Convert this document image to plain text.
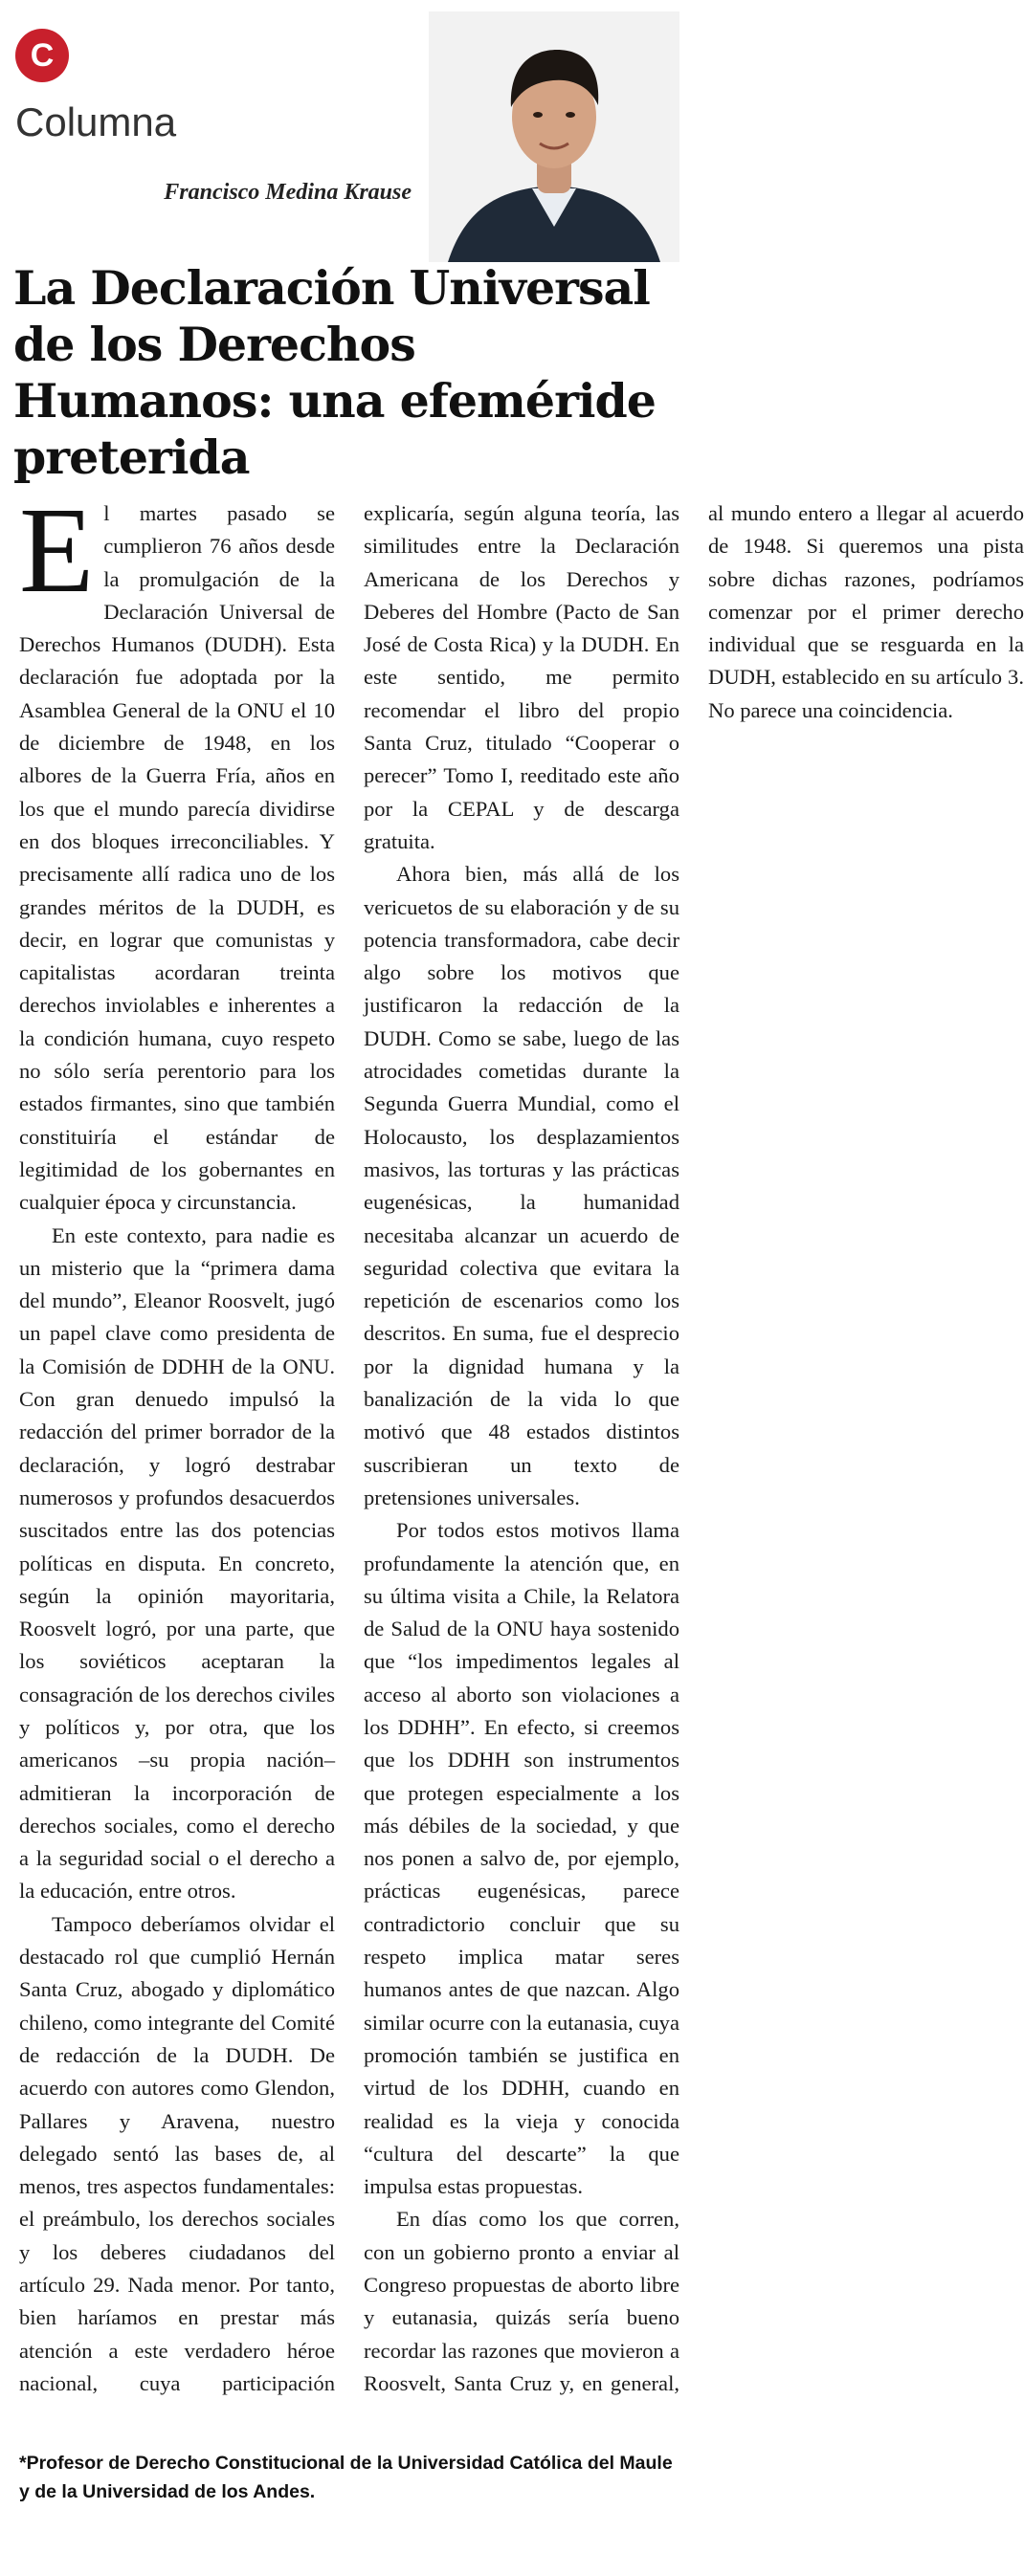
C
Columna
Francisco Medina Krause
La Declaración Universal de los Derechos Humanos: una efeméride preterida

El martes pasado se cumplieron 76 años desde la promulgación de la Declaración Universal de Derechos Humanos (DUDH). Esta declaración fue adoptada por la Asamblea General de la ONU el 10 de diciembre de 1948, en los albores de la Guerra Fría, años en los que el mundo parecía dividirse en dos bloques irreconciliables. Y precisamente allí radica uno de los grandes méritos de la DUDH, es decir, en lograr que comunistas y capitalistas acordaran treinta derechos inviolables e inherentes a la condición humana, cuyo respeto no sólo sería perentorio para los estados firmantes, sino que también constituiría el estándar de legitimidad de los gobernantes en cualquier época y circunstancia.

En este contexto, para nadie es un misterio que la “primera dama del mundo”, Eleanor Roosvelt, jugó un papel clave como presidenta de la Comisión de DDHH de la ONU. Con gran denuedo impulsó la redacción del primer borrador de la declaración, y logró destrabar numerosos y profundos desacuerdos suscitados entre las dos potencias políticas en disputa. En concreto, según la opinión mayoritaria, Roosvelt logró, por una parte, que los soviéticos aceptaran la consagración de los derechos civiles y políticos y, por otra, que los americanos –su propia nación– admitieran la incorporación de derechos sociales, como el derecho a la seguridad social o el derecho a la educación, entre otros.

Tampoco deberíamos olvidar el destacado rol que cumplió Hernán Santa Cruz, abogado y diplomático chileno, como integrante del Comité de redacción de la DUDH. De acuerdo con autores como Glendon, Pallares y Aravena, nuestro delegado sentó las bases de, al menos, tres aspectos fundamentales: el preámbulo, los derechos sociales y los deberes ciudadanos del artículo 29. Nada menor. Por tanto, bien haríamos en prestar más atención a este verdadero héroe nacional, cuya participación explicaría, según alguna teoría, las similitudes entre la Declaración Americana de los Derechos y Deberes del Hombre (Pacto de San José de Costa Rica) y la DUDH. En este sentido, me permito recomendar el libro del propio Santa Cruz, titulado “Cooperar o perecer” Tomo I, reeditado este año por la CEPAL y de descarga gratuita.

Ahora bien, más allá de los vericuetos de su elaboración y de su potencia transformadora, cabe decir algo sobre los motivos que justificaron la redacción de la DUDH. Como se sabe, luego de las atrocidades cometidas durante la Segunda Guerra Mundial, como el Holocausto, los desplazamientos masivos, las torturas y las prácticas eugenésicas, la humanidad necesitaba alcanzar un acuerdo de seguridad colectiva que evitara la repetición de escenarios como los descritos. En suma, fue el desprecio por la dignidad humana y la banalización de la vida lo que motivó que 48 estados distintos suscribieran un texto de pretensiones universales.

Por todos estos motivos llama profundamente la atención que, en su última visita a Chile, la Relatora de Salud de la ONU haya sostenido que “los impedimentos legales al acceso al aborto son violaciones a los DDHH”. En efecto, si creemos que los DDHH son instrumentos que protegen especialmente a los más débiles de la sociedad, y que nos ponen a salvo de, por ejemplo, prácticas eugenésicas, parece contradictorio concluir que su respeto implica matar seres humanos antes de que nazcan. Algo similar ocurre con la eutanasia, cuya promoción también se justifica en virtud de los DDHH, cuando en realidad es la vieja y conocida “cultura del descarte” la que impulsa estas propuestas.

En días como los que corren, con un gobierno pronto a enviar al Congreso propuestas de aborto libre y eutanasia, quizás sería bueno recordar las razones que movieron a Roosvelt, Santa Cruz y, en general, al mundo entero a llegar al acuerdo de 1948. Si queremos una pista sobre dichas razones, podríamos comenzar por el primer derecho individual que se resguarda en la DUDH, establecido en su artículo 3. No parece una coincidencia.

*Profesor de Derecho Constitucional de la Universidad Católica del Maule y de la Universidad de los Andes.
